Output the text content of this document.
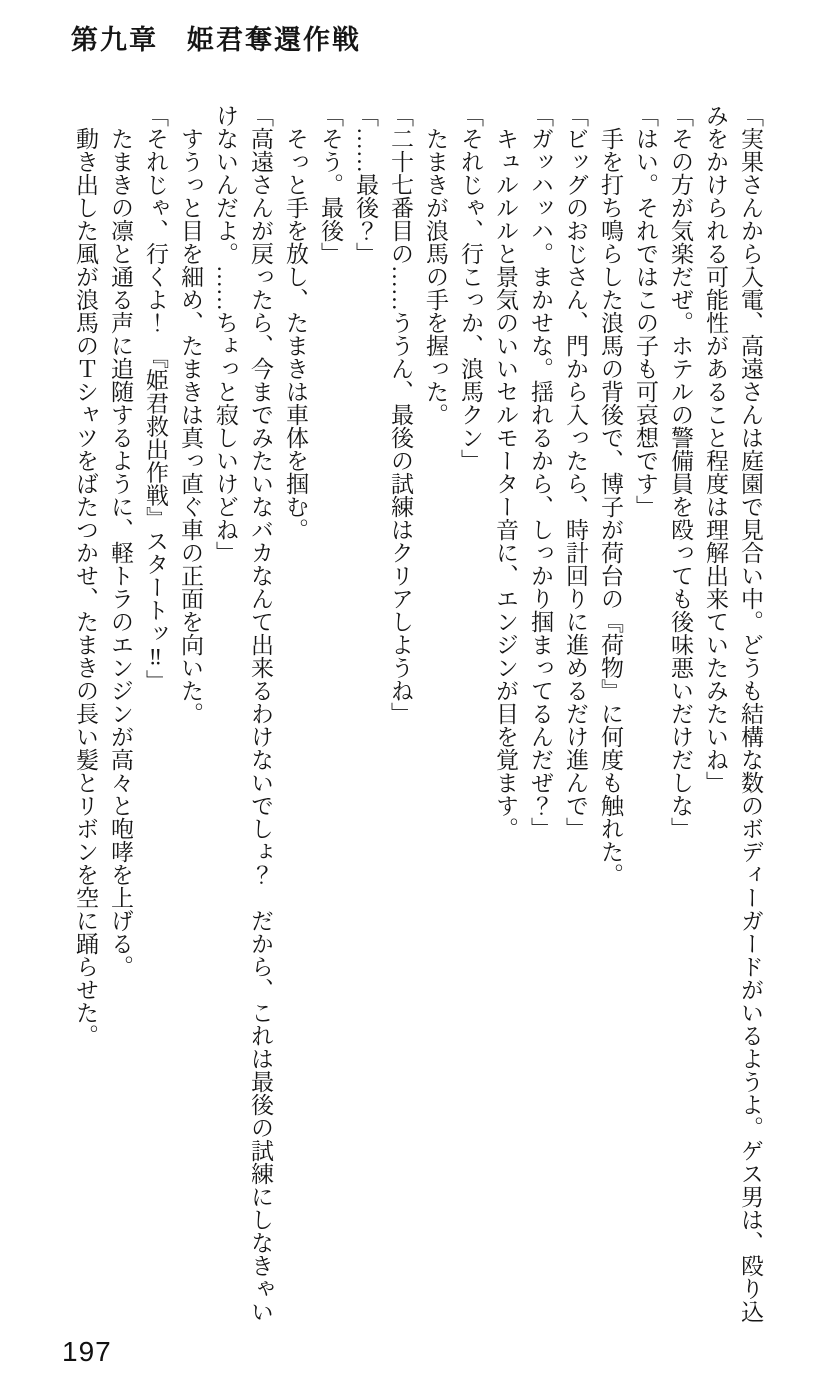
第九章　姫君奪還作戦

「実果さんから入電、高遠さんは庭園で見合い中。どうも結構な数のボディーガードがいるようよ。ゲス男は、殴り込みをかけられる可能性があること程度は理解出来ていたみたいね」

「その方が気楽だぜ。ホテルの警備員を殴っても後味悪いだけだしな」

「はい。それではこの子も可哀想です」

　手を打ち鳴らした浪馬の背後で、博子が荷台の『荷物』に何度も触れた。

「ビッグのおじさん、門から入ったら、時計回りに進めるだけ進んで」

「ガッハッハ。まかせな。揺れるから、しっかり掴まってるんだぜ？」

　キュルルルと景気のいいセルモーター音に、エンジンが目を覚ます。

「それじゃ、行こっか、浪馬クン」

　たまきが浪馬の手を握った。

「二十七番目の……ううん、最後の試練はクリアしようね」

「……最後？」

「そう。最後」

　そっと手を放し、たまきは車体を掴む。

「高遠さんが戻ったら、今までみたいなバカなんて出来るわけないでしょ？　だから、これは最後の試練にしなきゃいけないんだよ。……ちょっと寂しいけどね」

　すうっと目を細め、たまきは真っ直ぐ車の正面を向いた。

「それじゃ、行くよ！　『姫君救出作戦』スタートッ‼」

　たまきの凛と通る声に追随するように、軽トラのエンジンが高々と咆哮を上げる。

　動き出した風が浪馬のＴシャツをばたつかせ、たまきの長い髪とリボンを空に踊らせた。

197
